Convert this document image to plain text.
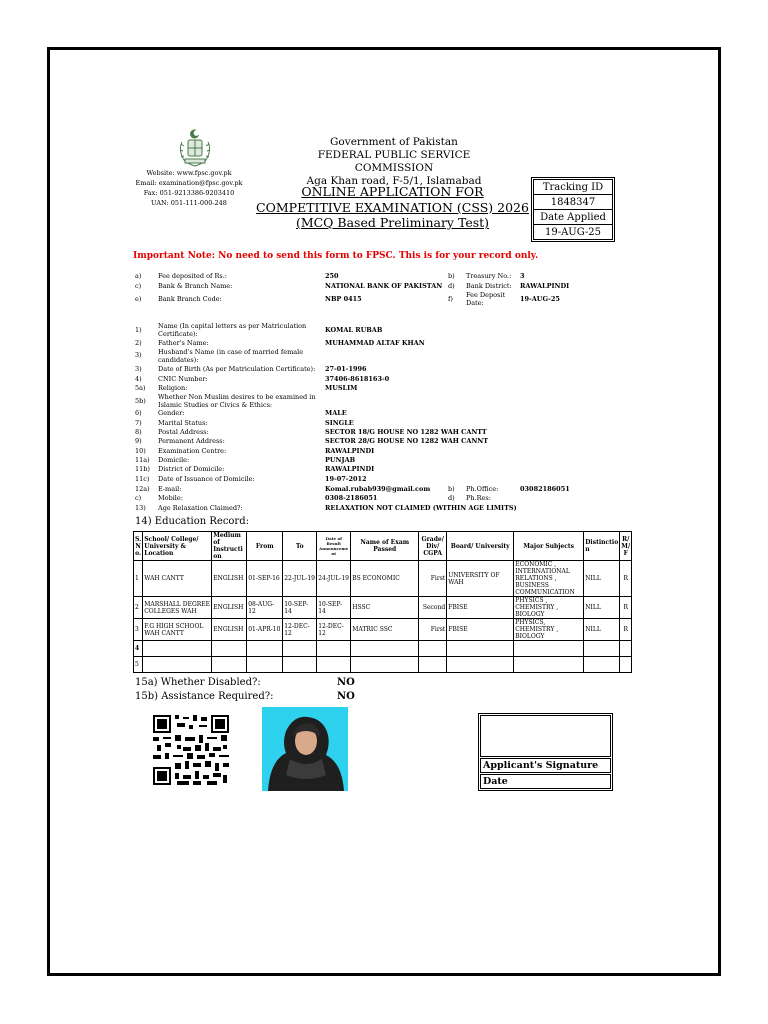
Website: www.fpsc.gov.pk
Email: examination@fpsc.gov.pk
Fax: 051-9213386-9203410
UAN: 051-111-000-248
Government of Pakistan
FEDERAL PUBLIC SERVICE COMMISSION
Aga Khan road, F-5/1, Islamabad
ONLINE APPLICATION FOR
COMPETITIVE EXAMINATION (CSS) 2026
(MCQ Based Preliminary Test)
Tracking ID
1848347
Date Applied
19-AUG-25
Important Note: No need to send this form to FPSC. This is for your record only.
a)	Fee deposited of Rs.:	250	b) Treasury No.: 3
c)	Bank & Branch Name:	NATIONAL BANK OF PAKISTAN d) Bank District: RAWALPINDI
e)	Bank Branch Code:	NBP 0415	f) Fee Deposit Date:	19-AUG-25
1)	Name (In capital letters as per Matriculation Certificate):	KOMAL RUBAB
2)	Father's Name:	MUHAMMAD ALTAF KHAN
3)	Husband's Name (in case of married female candidates):
3)	Date of Birth (As per Matriculation Certificate): 27-01-1996
4)	CNIC Number:	37406-8618163-0
5a) Religion:	MUSLIM
5b) Whether Non Muslim desires to be examined in Islamic Studies or Civics & Ethics:
6)	Gender:	MALE
7)	Marital Status:	SINGLE
8)	Postal Address:	SECTOR 18/G HOUSE NO 1282 WAH CANTT
9)	Permanent Address:	SECTOR 28/G HOUSE NO 1282 WAH CANNT
10) Examination Centre:	RAWALPINDI
11a) Domicile:	PUNJAB
11b) District of Domicile:	RAWALPINDI
11c) Date of Issuance of Domicile:	19-07-2012
12a) E-mail:	Komal.rubab939@gmail.com	b) Ph.Office:	03082186051
c)	Mobile:	0308-2186051	d) Ph.Res:
13) Age Relaxation Claimed?:	RELAXATION NOT CLAIMED (WITHIN AGE LIMITS)
14) Education Record:
S. N o.	School/ College/ University & Location	Medium of Instructi on	From	To	Date of Result Announceme nt	Name of Exam Passed	Grade/ Div/ CGPA	Board/ University	Major Subjects	Distinctio n	R/ M/ F
1	WAH CANTT	ENGLISH	01-SEP-16	22-JUL-19	24-JUL-19	BS ECONOMIC	First	UNIVERSITY OF WAH	ECONOMIC , INTERNATIONAL RELATIONS , BUSINESS COMMUNICATION	NILL	R
2	MARSHALL DEGREE COLLEGES WAH	ENGLISH	08-AUG-12	10-SEP-14	10-SEP-14	HSSC	Second	FBISE	PHYSICS , CHEMISTRY , BIOLOGY	NILL	R
3	F.G HIGH SCHOOL WAH CANTT	ENGLISH	01-APR-10	12-DEC-12	12-DEC-12	MATRIC SSC	First	FBISE	PHYSICS, CHEMISTRY , BIOLOGY	NILL	R
4											
5											
15a) Whether Disabled?:	NO
15b) Assistance Required?:	NO
Applicant's Signature
Date
